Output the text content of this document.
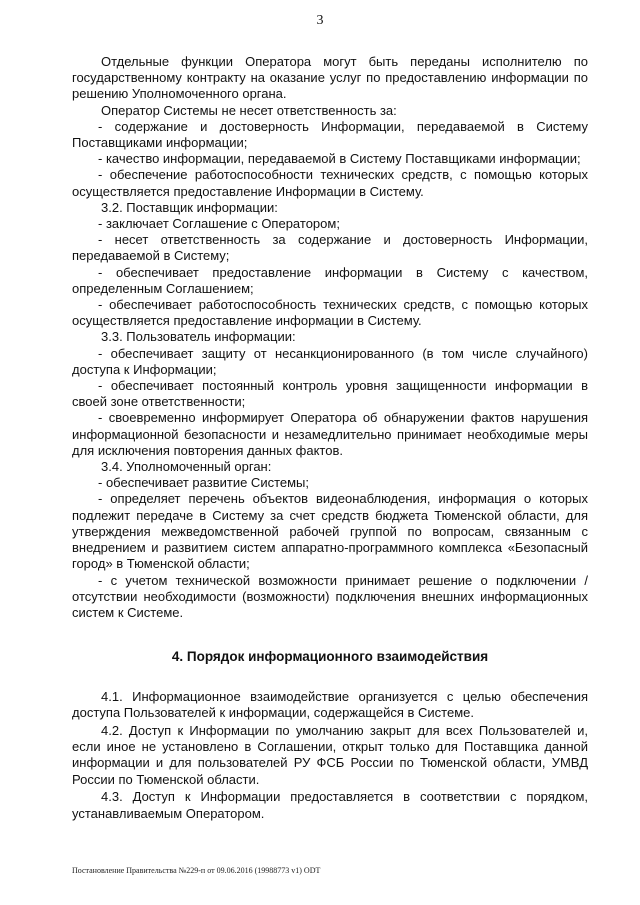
3

Отдельные функции Оператора могут быть переданы исполнителю по государственному контракту на оказание услуг по предоставлению информации по решению Уполномоченного органа.

Оператор Системы не несет ответственность за:

- содержание и достоверность Информации, передаваемой в Систему Поставщиками информации;

- качество информации, передаваемой в Систему Поставщиками информации;

- обеспечение работоспособности технических средств, с помощью которых осуществляется предоставление Информации в Систему.

3.2. Поставщик информации:

- заключает Соглашение с Оператором;

- несет ответственность за содержание и достоверность Информации, передаваемой в Систему;

- обеспечивает предоставление информации в Систему с качеством, определенным Соглашением;

- обеспечивает работоспособность технических средств, с помощью которых осуществляется предоставление информации в Систему.

3.3. Пользователь информации:

- обеспечивает защиту от несанкционированного (в том числе случайного) доступа к Информации;

- обеспечивает постоянный контроль уровня защищенности информации в своей зоне ответственности;

- своевременно информирует Оператора об обнаружении фактов нарушения информационной безопасности и незамедлительно принимает необходимые меры для исключения повторения данных фактов.

3.4. Уполномоченный орган:

- обеспечивает развитие Системы;

- определяет перечень объектов видеонаблюдения, информация о которых подлежит передаче в Систему за счет средств бюджета Тюменской области, для утверждения межведомственной рабочей группой по вопросам, связанным с внедрением и развитием систем аппаратно-программного комплекса «Безопасный город» в Тюменской области;

- с учетом технической возможности принимает решение о подключении / отсутствии необходимости (возможности) подключения внешних информационных систем к Системе.

4. Порядок информационного взаимодействия

4.1. Информационное взаимодействие организуется с целью обеспечения доступа Пользователей к информации, содержащейся в Системе.

4.2. Доступ к Информации по умолчанию закрыт для всех Пользователей и, если иное не установлено в Соглашении, открыт только для Поставщика данной информации и для пользователей РУ ФСБ России по Тюменской области, УМВД России по Тюменской области.

4.3. Доступ к Информации предоставляется в соответствии с порядком, устанавливаемым Оператором.

Постановление Правительства №229-п от 09.06.2016 (19988773 v1) ODT
